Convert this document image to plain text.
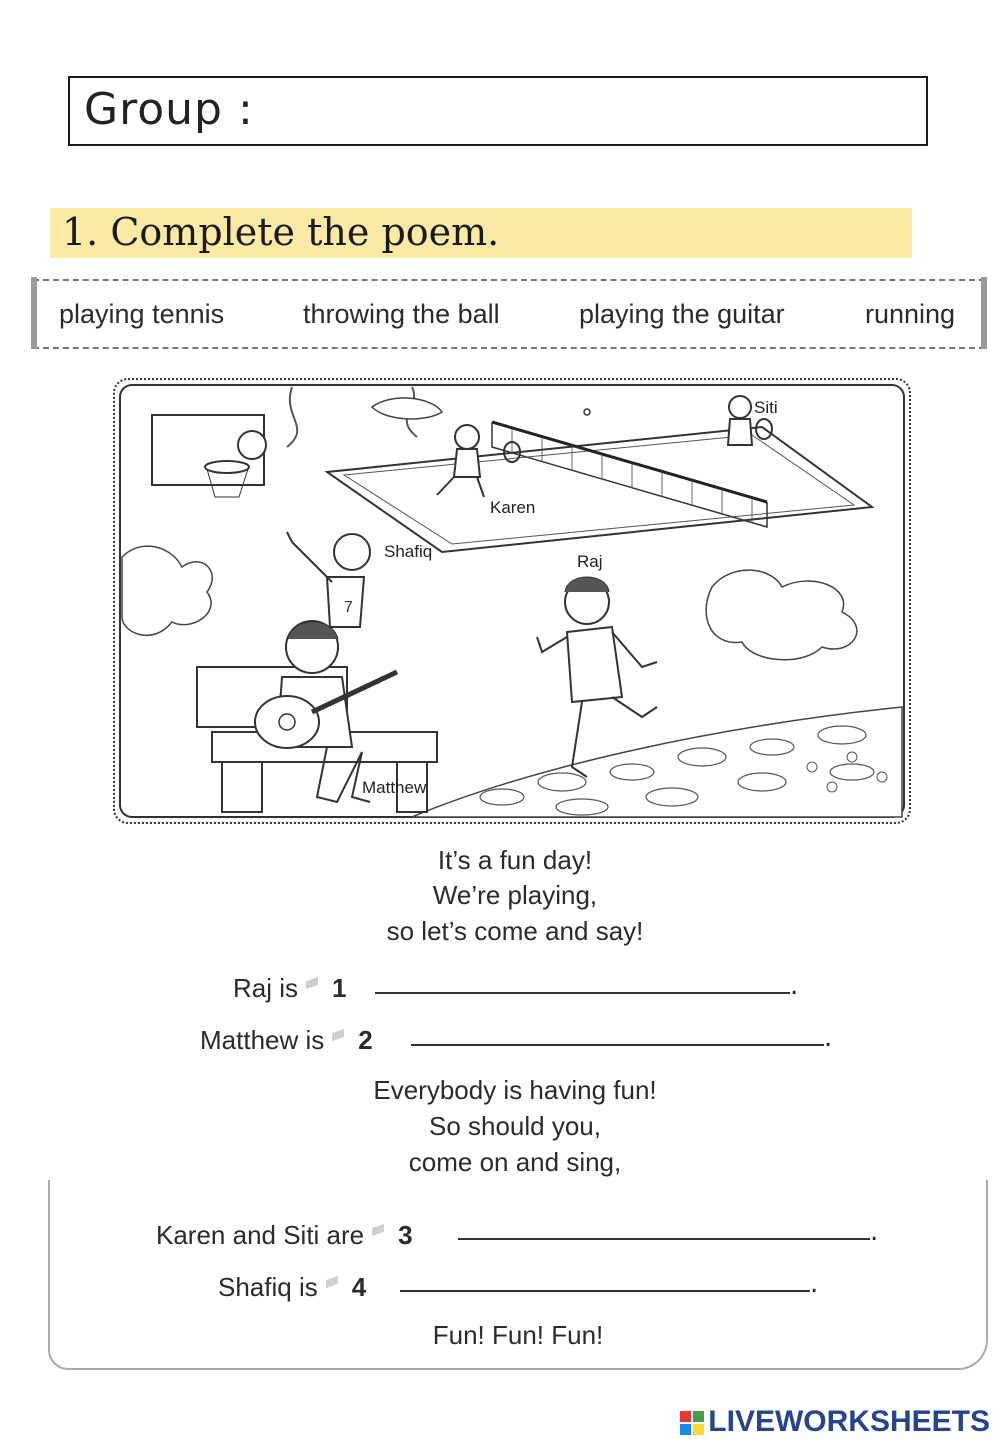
Group :
1. Complete the poem.
playing tennis	throwing the ball	playing the guitar	running
7
Siti
Karen
Shafiq
Raj
Matthew
It’s a fun day!
We’re playing,
so let’s come and say!
Raj is 1	.
Matthew is 2	.
Everybody is having fun!
So should you,
come on and sing,
Karen and Siti are 3	.
Shafiq is 4	.
Fun! Fun! Fun!
LIVEWORKSHEETS
